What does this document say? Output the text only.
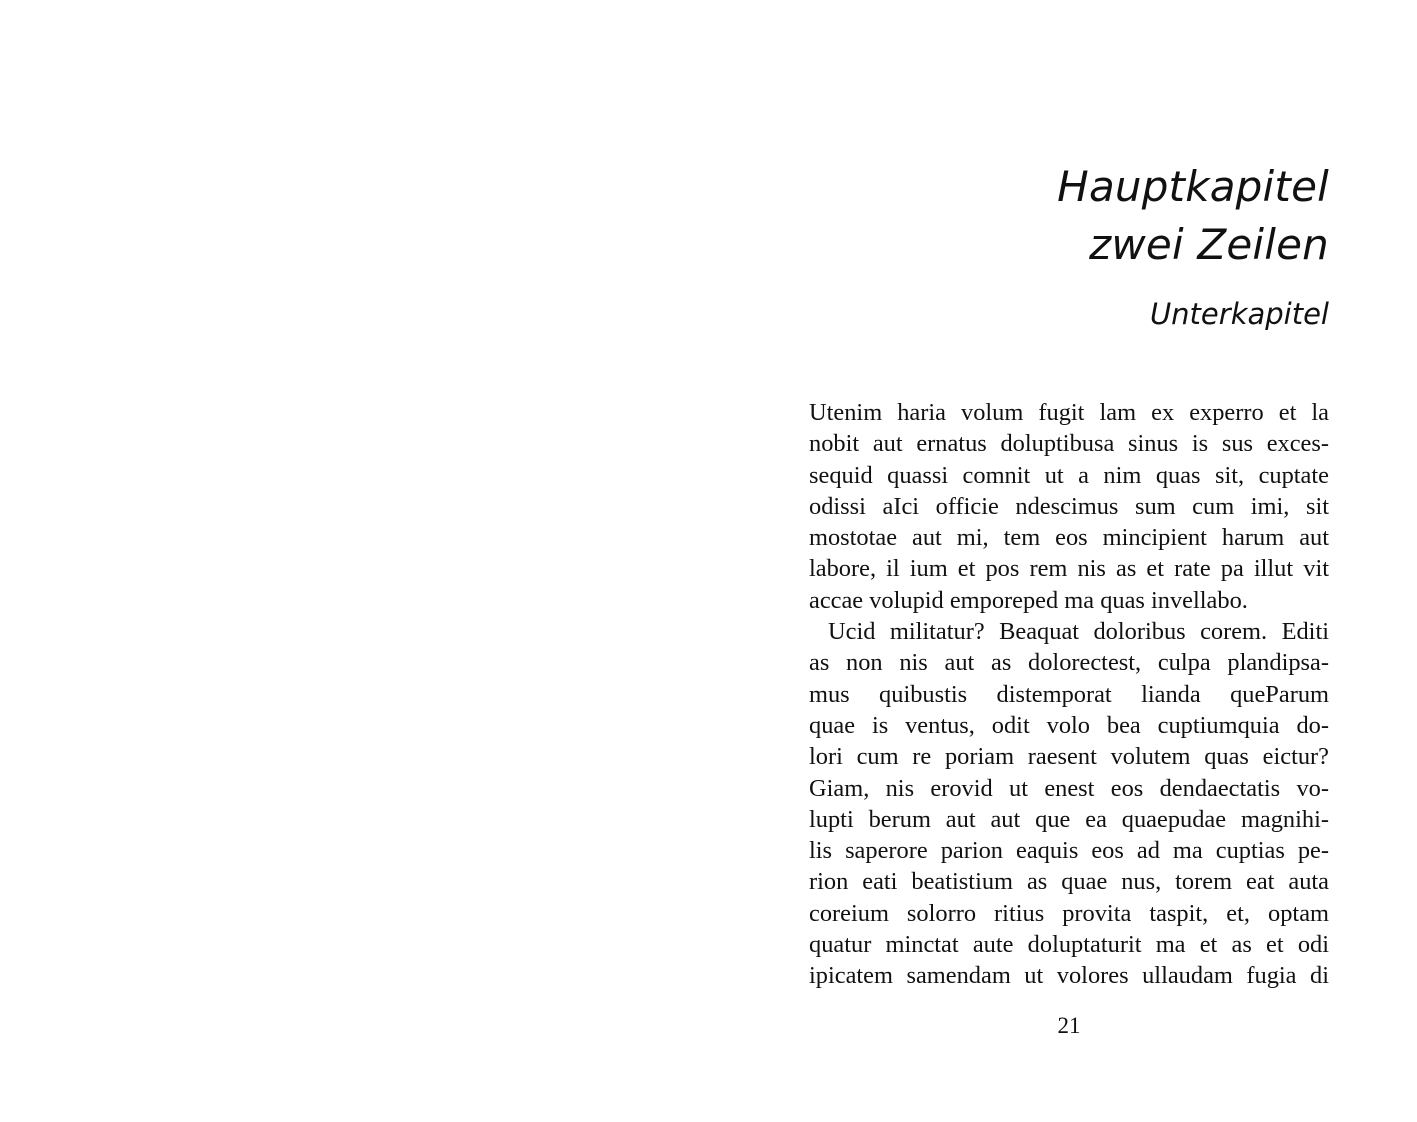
Hauptkapitel
zwei Zeilen
Unterkapitel
Utenim haria volum fugit lam ex experro et la
nobit aut ernatus doluptibusa sinus is sus exces-
sequid quassi comnit ut a nim quas sit, cuptate
odissi aIci officie ndescimus sum cum imi, sit
mostotae aut mi, tem eos mincipient harum aut
labore, il ium et pos rem nis as et rate pa illut vit
accae volupid emporeped ma quas invellabo.
Ucid militatur? Beaquat doloribus corem. Editi
as non nis aut as dolorectest, culpa plandipsa-
mus quibustis distemporat lianda queParum
quae is ventus, odit volo bea cuptiumquia do-
lori cum re poriam raesent volutem quas eictur?
Giam, nis erovid ut enest eos dendaectatis vo-
lupti berum aut aut que ea quaepudae magnihi-
lis saperore parion eaquis eos ad ma cuptias pe-
rion eati beatistium as quae nus, torem eat auta
coreium solorro ritius provita taspit, et, optam
quatur minctat aute doluptaturit ma et as et odi
ipicatem samendam ut volores ullaudam fugia di
21
